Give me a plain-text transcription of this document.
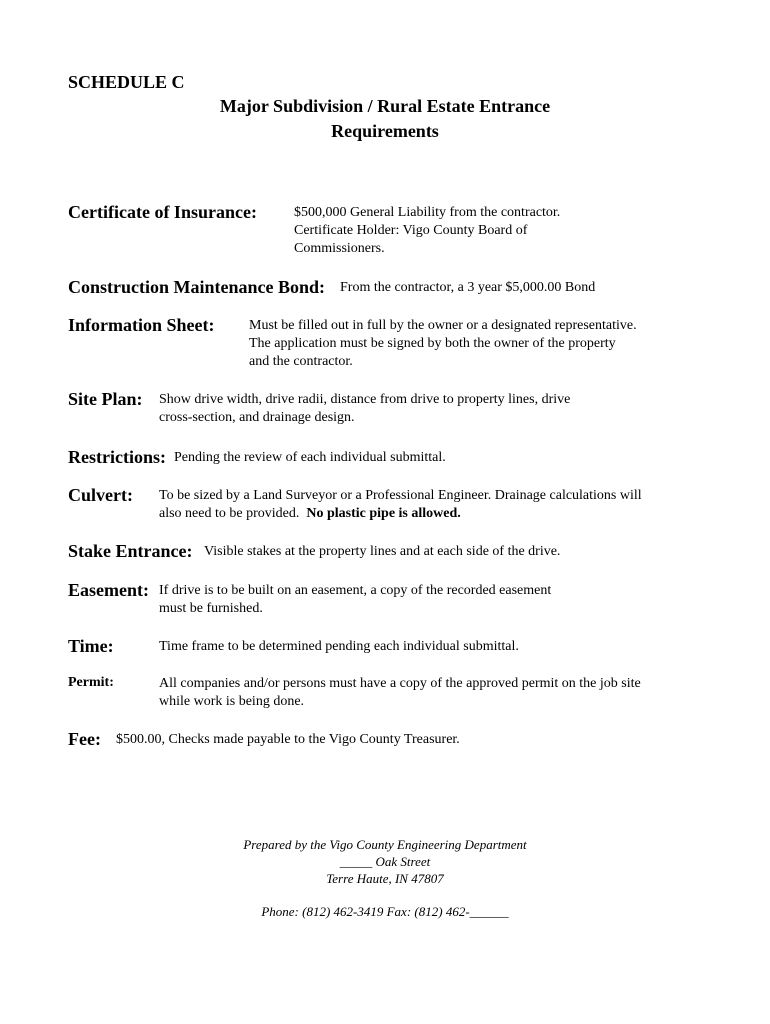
SCHEDULE C
Major Subdivision / Rural Estate Entrance
Requirements
Certificate of Insurance:	$500,000 General Liability from the contractor.
Certificate Holder: Vigo County Board of
Commissioners.
Construction Maintenance Bond: From the contractor, a 3 year $5,000.00 Bond
Information Sheet: Must be filled out in full by the owner or a designated representative.
The application must be signed by both the owner of the property
and the contractor.
Site Plan: Show drive width, drive radii, distance from drive to property lines, drive
cross-section, and drainage design.
Restrictions: Pending the review of each individual submittal.
Culvert: To be sized by a Land Surveyor or a Professional Engineer. Drainage calculations will
also need to be provided.  No plastic pipe is allowed.
Stake Entrance: Visible stakes at the property lines and at each side of the drive.
Easement: If drive is to be built on an easement, a copy of the recorded easement
must be furnished.
Time:	Time frame to be determined pending each individual submittal.
Permit:	All companies and/or persons must have a copy of the approved permit on the job site
while work is being done.
Fee: $500.00, Checks made payable to the Vigo County Treasurer.
Prepared by the Vigo County Engineering Department
_____ Oak Street
Terre Haute, IN 47807
Phone: (812) 462-3419 Fax: (812) 462-______
